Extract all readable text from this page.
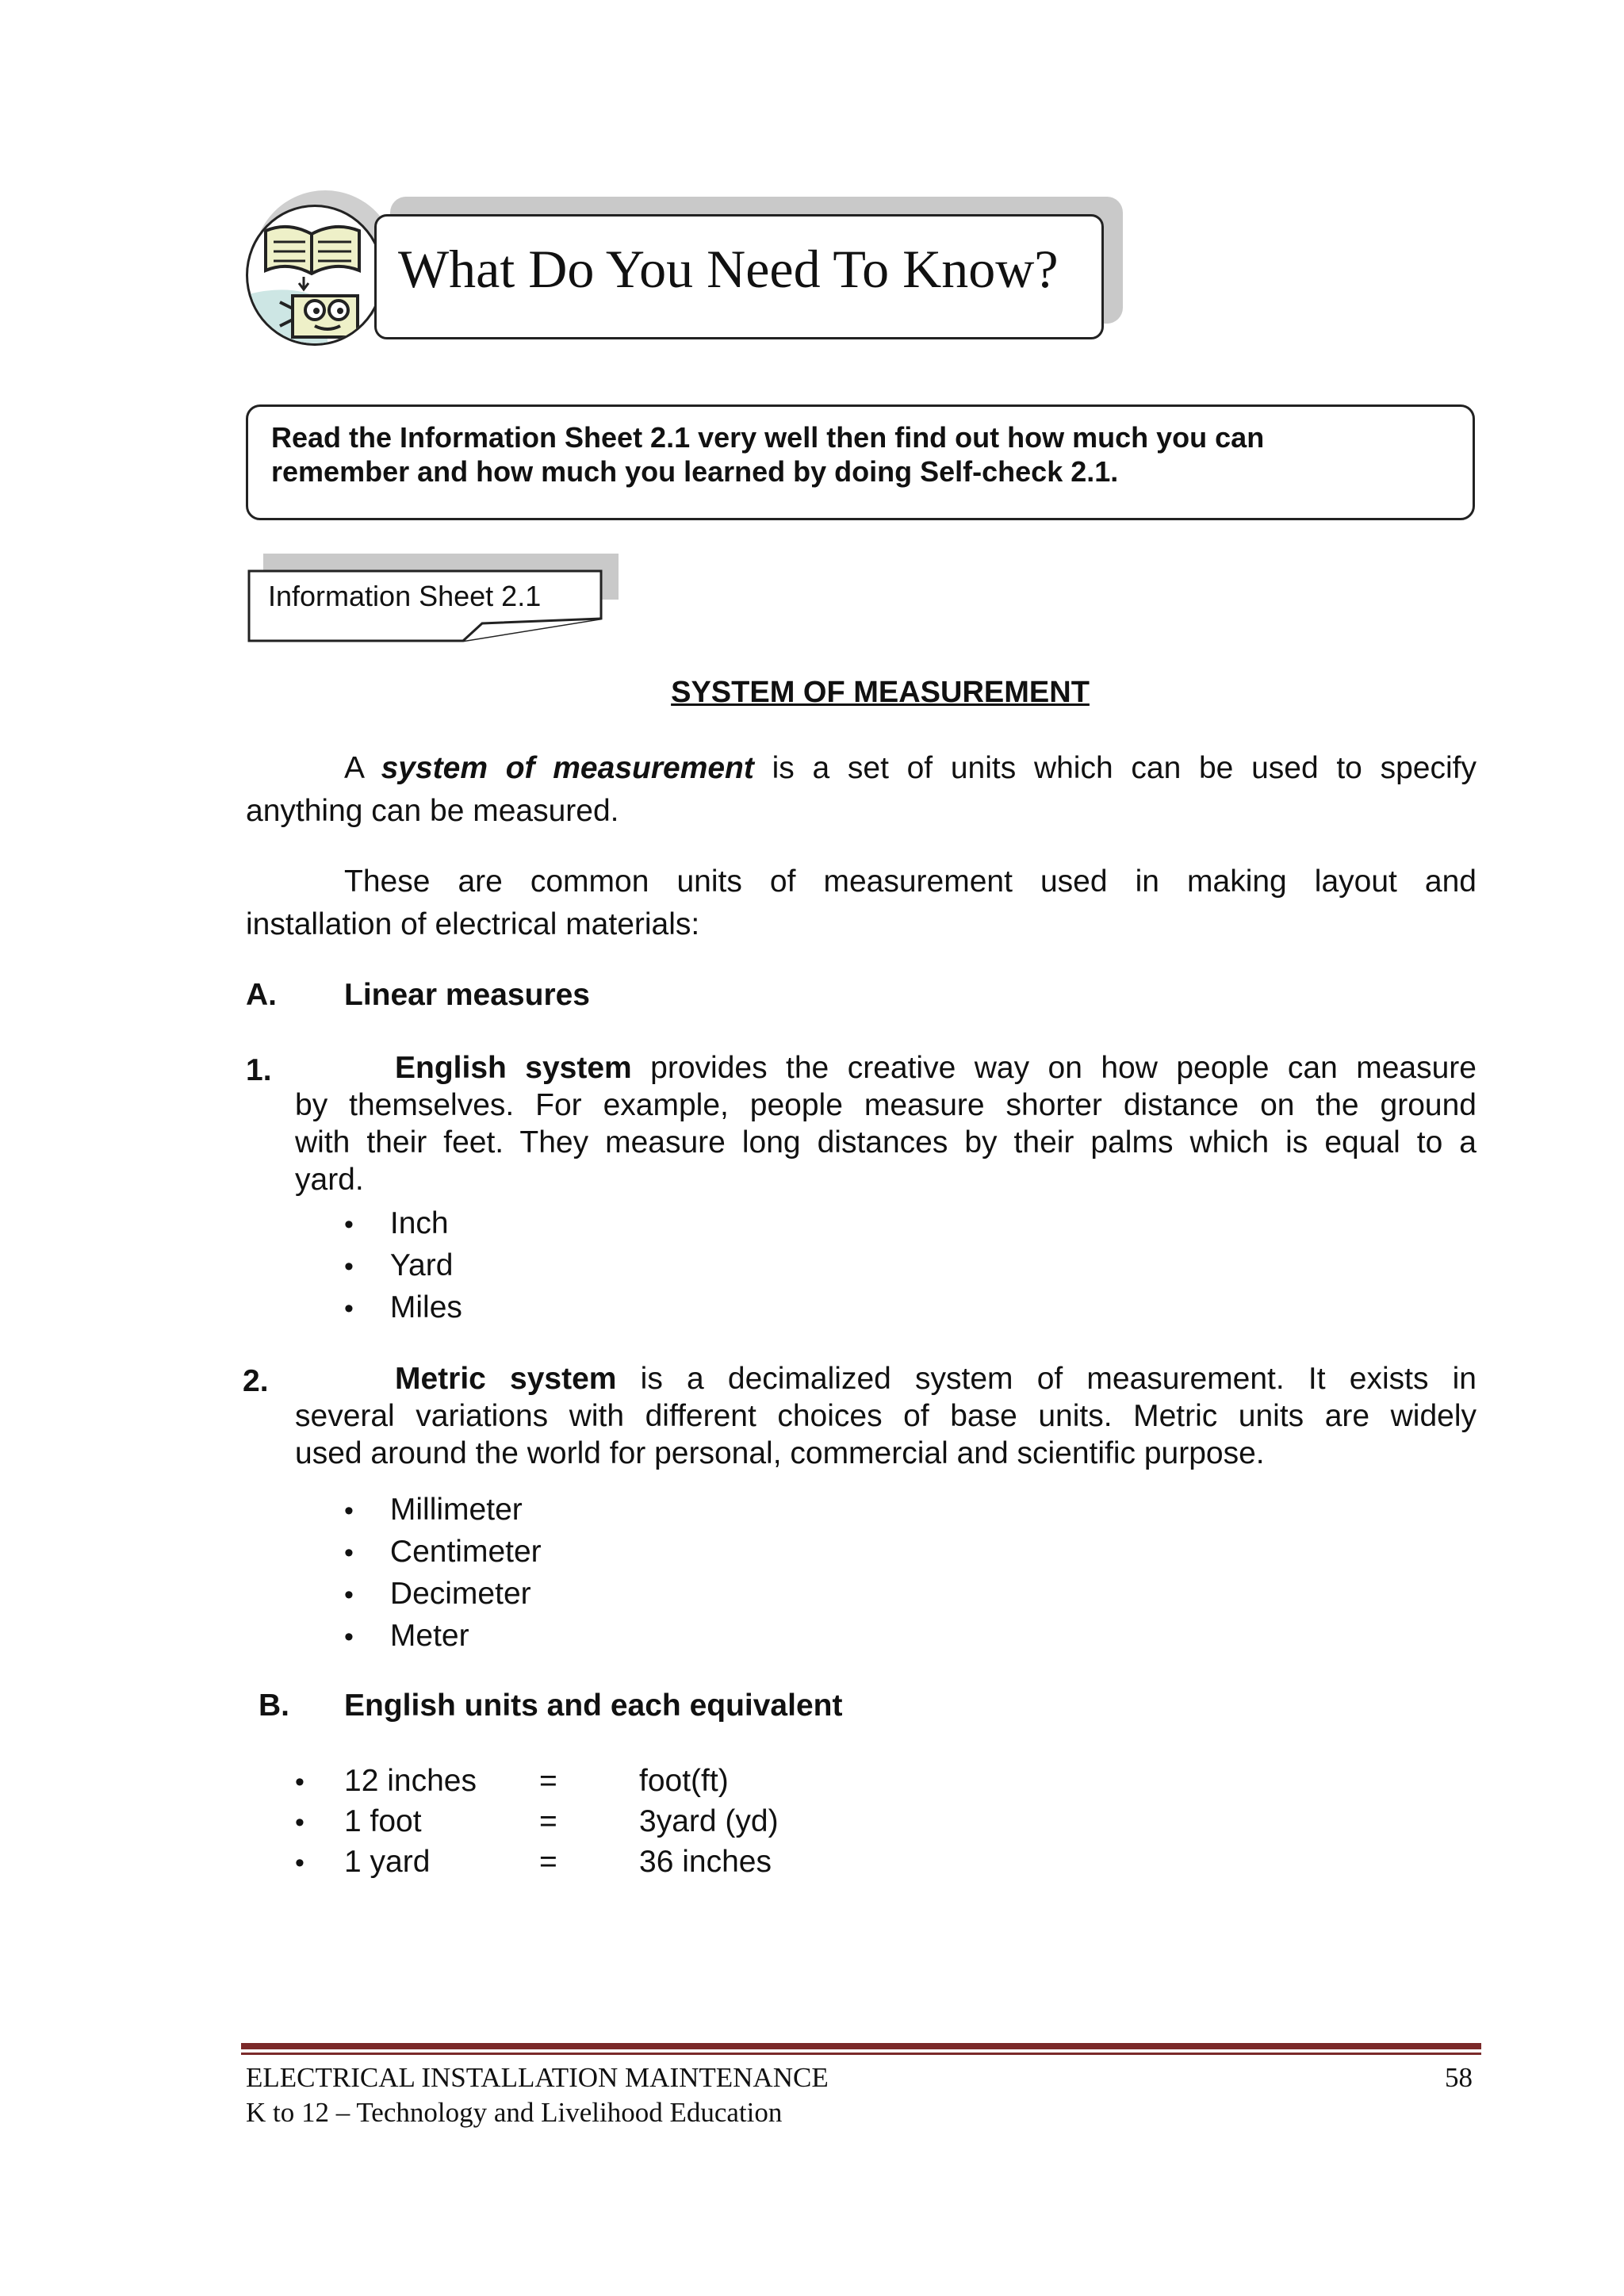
What Do You Need To Know?
Read the Information Sheet 2.1 very well then find out how much you can
remember and how much you learned by doing Self-check 2.1.
Information Sheet 2.1
SYSTEM OF MEASUREMENT
A system of measurement is a set of units which can be used to specify
anything can be measured.
These are common units of measurement used in making layout and
installation of electrical materials:
A. Linear measures
1.	English system provides the creative way on how people can measure
by themselves. For example, people measure shorter distance on the ground
with their feet. They measure long distances by their palms which is equal to a
yard.
• Inch
• Yard
• Miles
2.	Metric system is a decimalized system of measurement. It exists in
several variations with different choices of base units. Metric units are widely
used around the world for personal, commercial and scientific purpose.
• Millimeter
• Centimeter
• Decimeter
• Meter
B. English units and each equivalent
• 12 inches =	foot(ft)
• 1 foot	=	3yard (yd)
• 1 yard	=	36 inches
ELECTRICAL INSTALLATION MAINTENANCE
K to 12 – Technology and Livelihood Education
58
